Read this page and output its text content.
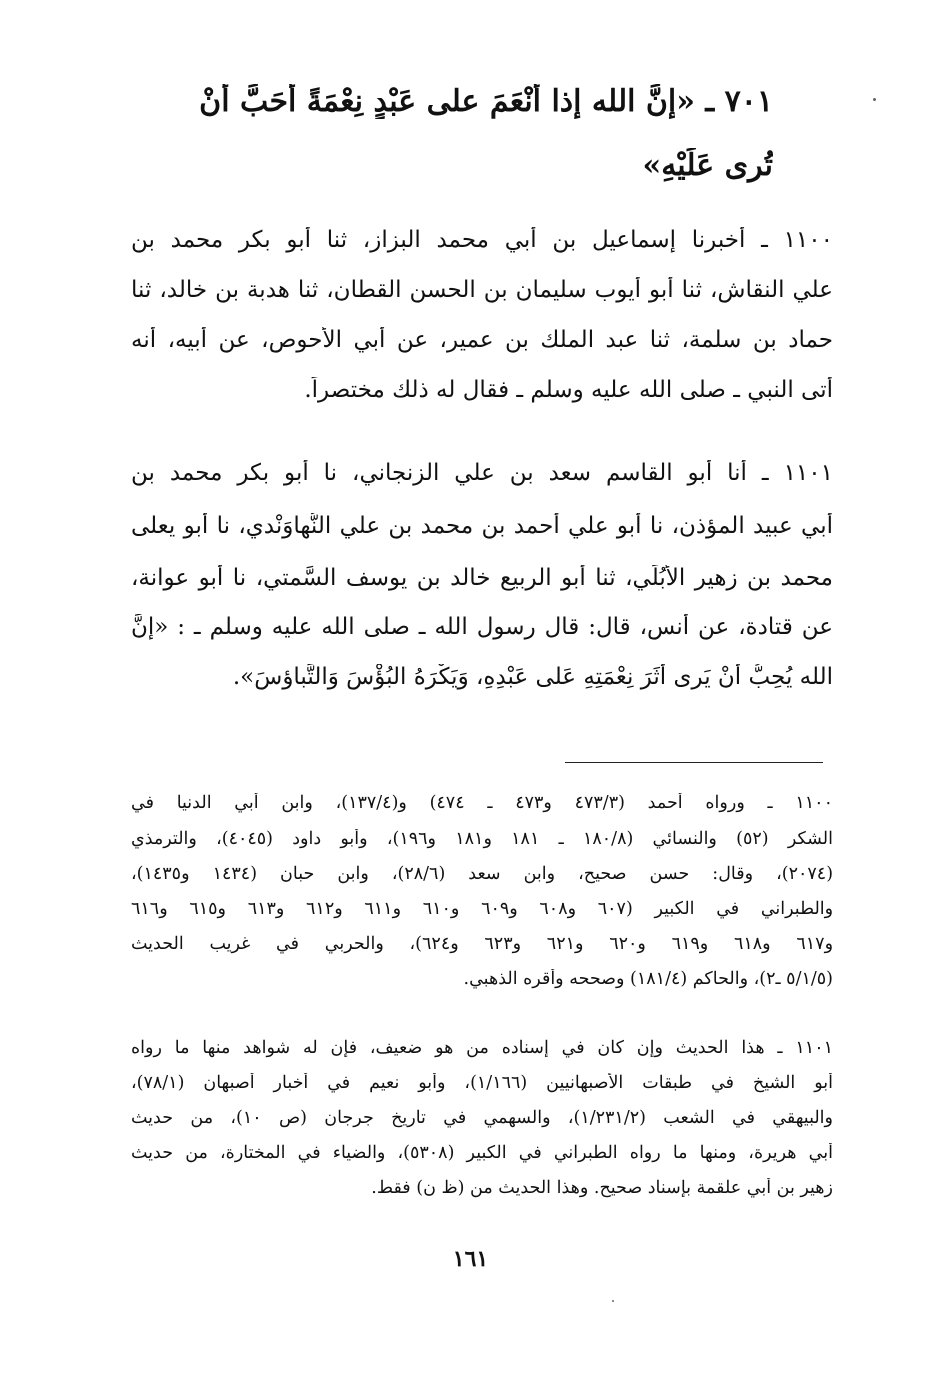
٧٠١ ـ «إنَّ الله إذا أَنْعَمَ على عَبْدٍ نِعْمَةً أَحَبَّ أَنْ
تُرى عَلَيْهِ»
١١٠٠ ـ أخبرنا إسماعيل بن أبي محمد البزاز، ثنا أبو بكر محمد بن
علي النقاش، ثنا أبو أيوب سليمان بن الحسن القطان، ثنا هدبة بن خالد، ثنا
حماد بن سلمة، ثنا عبد الملك بن عمير، عن أبي الأحوص، عن أبيه، أنه
أتى النبي ـ صلى الله عليه وسلم ـ فقال له ذلك مختصراً.
١١٠١ ـ أنا أبو القاسم سعد بن علي الزنجاني، نا أبو بكر محمد بن
أبي عبيد المؤذن، نا أبو علي أحمد بن محمد بن علي النُّهاوَنْدي، نا أبو يعلى
محمد بن زهير الأُبُلِّي، ثنا أبو الربيع خالد بن يوسف السَّمتي، نا أبو عوانة،
عن قتادة، عن أنس، قال: قال رسول الله ـ صلى الله عليه وسلم ـ : «إنَّ
الله يُحِبُّ أَنْ يَرى أَثَرَ نِعْمَتِهِ عَلى عَبْدِهِ، وَيَكْرَهُ البُؤْسَ وَالتَّباؤسَ».
١١٠٠ ـ ورواه أحمد (٤٧٣/٣ و٤٧٣ ـ ٤٧٤) و(١٣٧/٤)، وابن أبي الدنيا في
الشكر (٥٢) والنسائي (١٨٠/٨ ـ ١٨١ و١٨١ و١٩٦)، وأبو داود (٤٠٤٥)، والترمذي
(٢٠٧٤)، وقال: حسن صحيح، وابن سعد (٢٨/٦)، وابن حبان (١٤٣٤ و١٤٣٥)،
والطبراني في الكبير (٦٠٧ و٦٠٨ و٦٠٩ و٦١٠ و٦١١ و٦١٢ و٦١٣ و٦١٥ و٦١٦
و٦١٧ و٦١٨ و٦١٩ و٦٢٠ و٦٢١ و٦٢٣ و٦٢٤)، والحربي في غريب الحديث
(٥/١/٥ ـ٢)، والحاكم (١٨١/٤) وصححه وأقره الذهبي.
١١٠١ ـ هذا الحديث وإن كان في إسناده من هو ضعيف، فإن له شواهد منها ما رواه
أبو الشيخ في طبقات الأصبهانيين (١/١٦٦)، وأبو نعيم في أخبار أصبهان (٧٨/١)،
والبيهقي في الشعب (١/٢٣١/٢)، والسهمي في تاريخ جرجان (ص ١٠)، من حديث
أبي هريرة، ومنها ما رواه الطبراني في الكبير (٥٣٠٨)، والضياء في المختارة، من حديث
زهير بن أبي علقمة بإسناد صحيح. وهذا الحديث من (ظ ن) فقط.
١٦١
